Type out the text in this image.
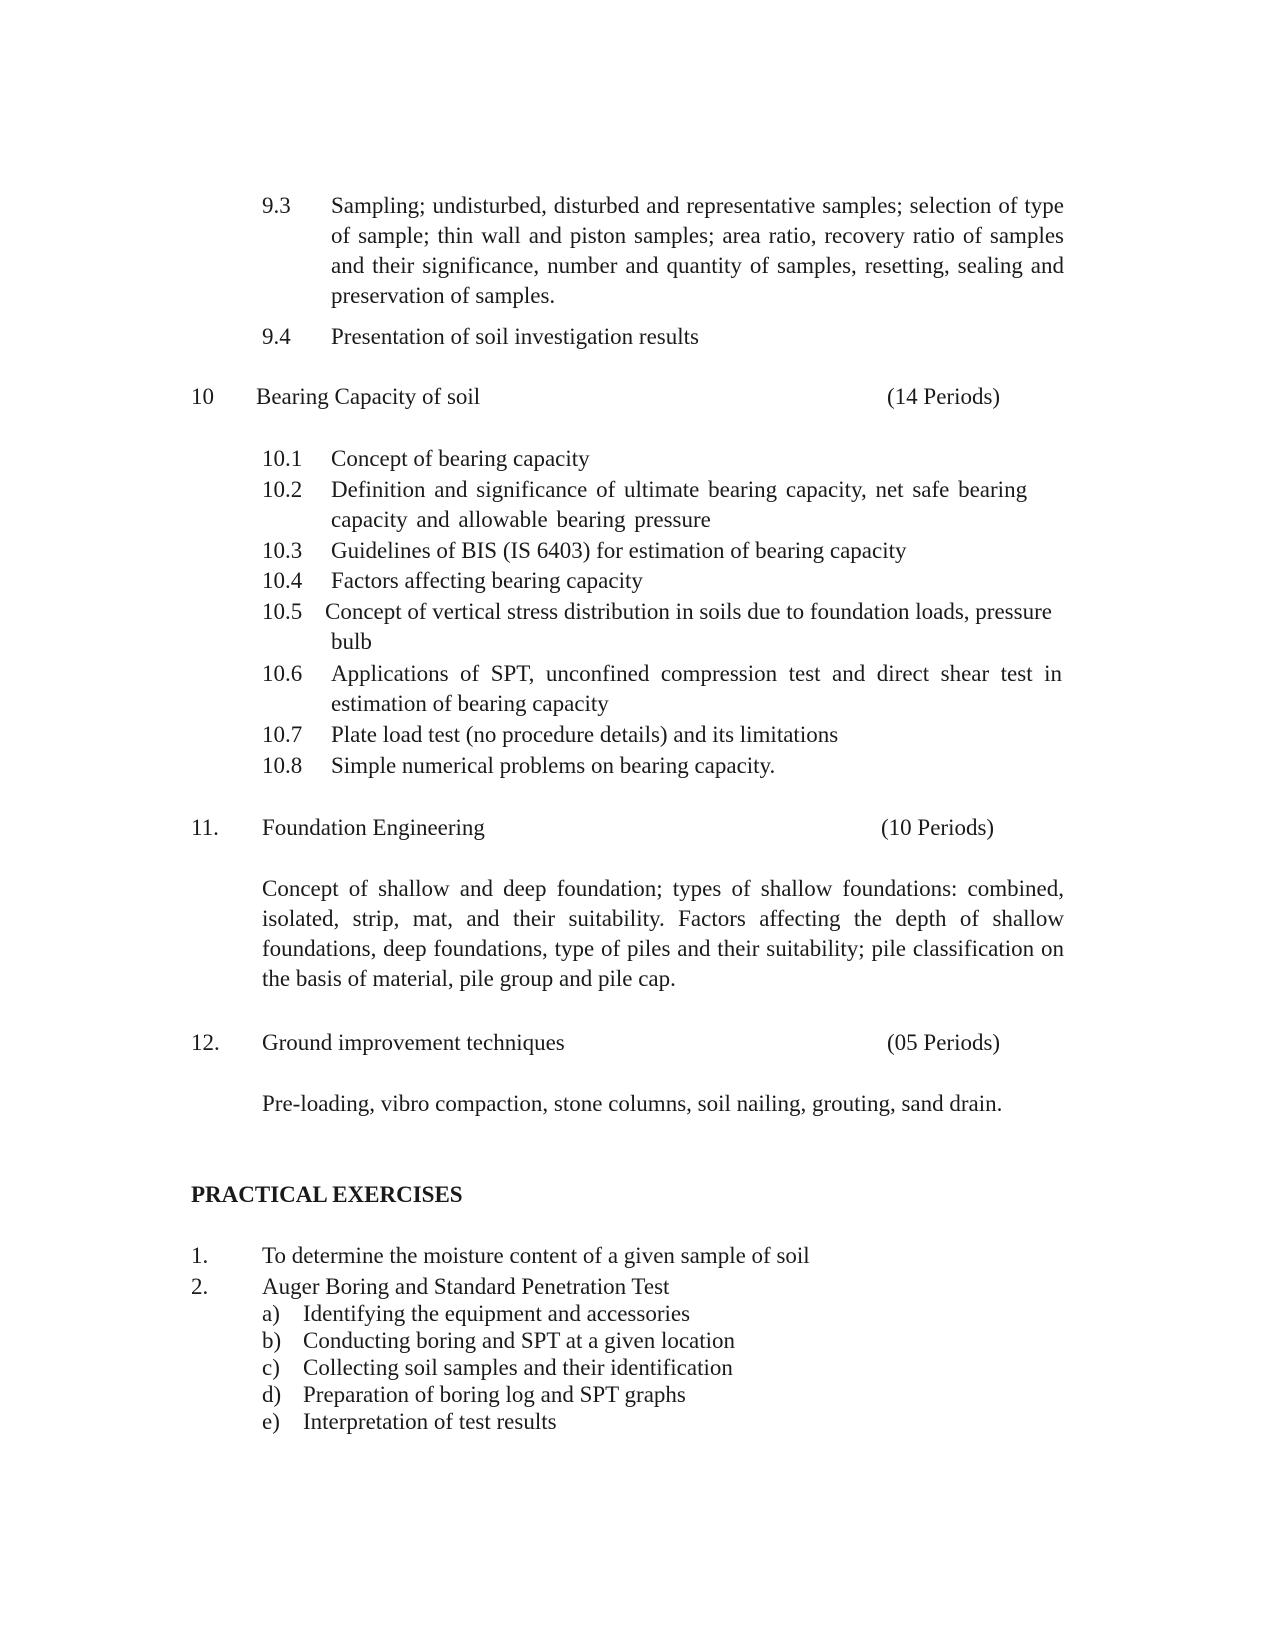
9.3 Sampling; undisturbed, disturbed and representative samples; selection of type of sample; thin wall and piston samples; area ratio, recovery ratio of samples and their significance, number and quantity of samples, resetting, sealing and preservation of samples.
9.4 Presentation of soil investigation results
10 Bearing Capacity of soil	(14 Periods)
10.1 Concept of bearing capacity
10.2 Definition and significance of ultimate bearing capacity, net safe bearing capacity and allowable bearing pressure
10.3 Guidelines of BIS (IS 6403) for estimation of bearing capacity
10.4 Factors affecting bearing capacity
10.5 Concept of vertical stress distribution in soils due to foundation loads, pressure bulb
10.6 Applications of SPT, unconfined compression test and direct shear test in estimation of bearing capacity
10.7 Plate load test (no procedure details) and its limitations
10.8 Simple numerical problems on bearing capacity.
11. Foundation Engineering	(10 Periods)
Concept of shallow and deep foundation; types of shallow foundations: combined, isolated, strip, mat, and their suitability. Factors affecting the depth of shallow foundations, deep foundations, type of piles and their suitability; pile classification on the basis of material, pile group and pile cap.
12. Ground improvement techniques	(05 Periods)
Pre-loading, vibro compaction, stone columns, soil nailing, grouting, sand drain.
PRACTICAL EXERCISES
1. To determine the moisture content of a given sample of soil
2. Auger Boring and Standard Penetration Test
a) Identifying the equipment and accessories
b) Conducting boring and SPT at a given location
c) Collecting soil samples and their identification
d) Preparation of boring log and SPT graphs
e) Interpretation of test results
